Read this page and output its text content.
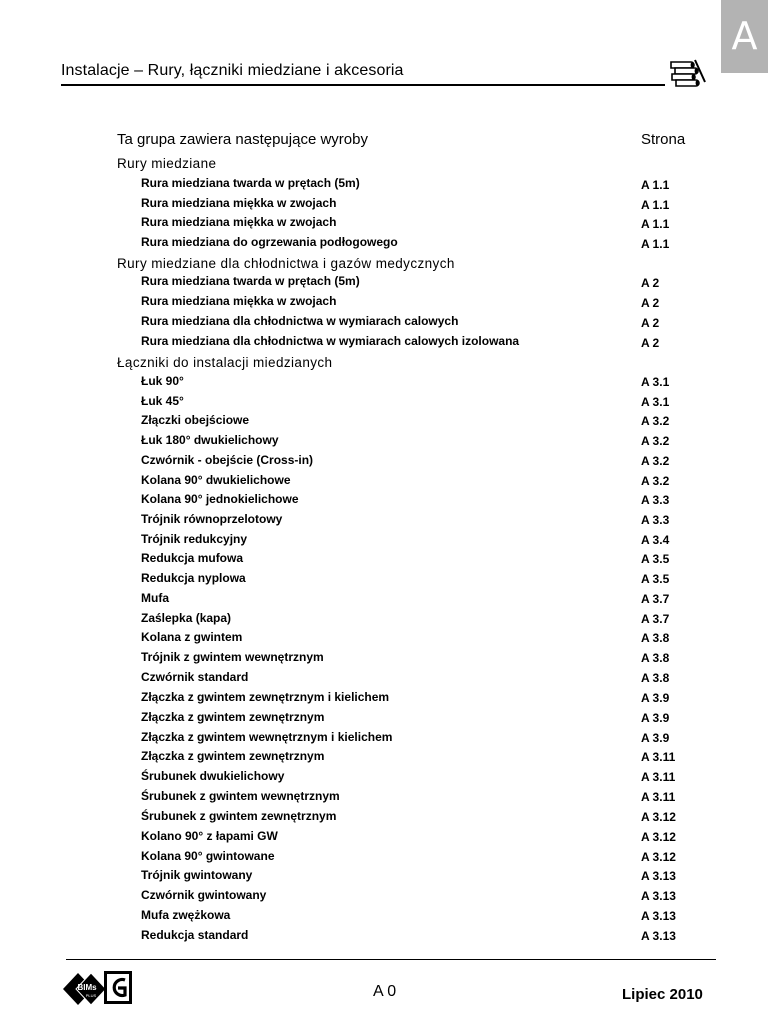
A
Instalacje – Rury, łączniki miedziane i akcesoria
Ta grupa zawiera następujące wyroby	Strona
Rury miedziane
Rura miedziana twarda w prętach (5m)	A 1.1
Rura miedziana miękka w zwojach	A 1.1
Rura miedziana miękka w zwojach	A 1.1
Rura miedziana do ogrzewania podłogowego	A 1.1
Rury miedziane dla chłodnictwa i gazów medycznych
Rura miedziana twarda w prętach (5m)	A 2
Rura miedziana miękka w zwojach	A 2
Rura miedziana dla chłodnictwa w wymiarach calowych	A 2
Rura miedziana dla chłodnictwa w wymiarach calowych izolowana	A 2
Łączniki do instalacji miedzianych
Łuk 90°	A 3.1
Łuk 45°	A 3.1
Złączki obejściowe	A 3.2
Łuk 180° dwukielichowy	A 3.2
Czwórnik - obejście (Cross-in)	A 3.2
Kolana 90° dwukielichowe	A 3.2
Kolana 90° jednokielichowe	A 3.3
Trójnik równoprzelotowy	A 3.3
Trójnik redukcyjny	A 3.4
Redukcja mufowa	A 3.5
Redukcja nyplowa	A 3.5
Mufa	A 3.7
Zaślepka (kapa)	A 3.7
Kolana z gwintem	A 3.8
Trójnik z gwintem wewnętrznym	A 3.8
Czwórnik standard	A 3.8
Złączka z gwintem zewnętrznym i kielichem	A 3.9
Złączka z gwintem zewnętrznym	A 3.9
Złączka z gwintem wewnętrznym i kielichem	A 3.9
Złączka z gwintem zewnętrznym	A 3.11
Śrubunek dwukielichowy	A 3.11
Śrubunek z gwintem wewnętrznym	A 3.11
Śrubunek z gwintem zewnętrznym	A 3.12
Kolano 90° z łapami GW	A 3.12
Kolana 90° gwintowane	A 3.12
Trójnik gwintowany	A 3.13
Czwórnik gwintowany	A 3.13
Mufa zwężkowa	A 3.13
Redukcja standard	A 3.13
BIMs
PLUS	A 0	Lipiec 2010
